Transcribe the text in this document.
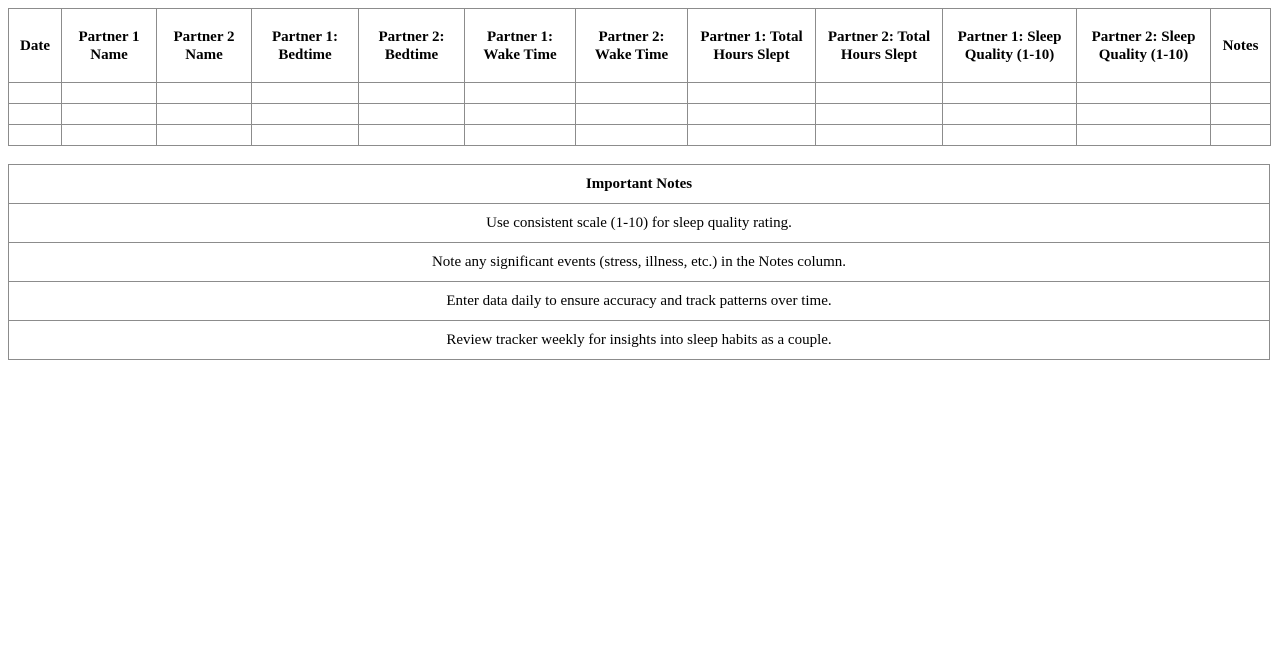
Date	Partner 1 Name	Partner 2 Name	Partner 1: Bedtime	Partner 2: Bedtime	Partner 1: Wake Time	Partner 2: Wake Time	Partner 1: Total Hours Slept	Partner 2: Total Hours Slept	Partner 1: Sleep Quality (1-10)	Partner 2: Sleep Quality (1-10)	Notes

Important Notes
Use consistent scale (1-10) for sleep quality rating.
Note any significant events (stress, illness, etc.) in the Notes column.
Enter data daily to ensure accuracy and track patterns over time.
Review tracker weekly for insights into sleep habits as a couple.
